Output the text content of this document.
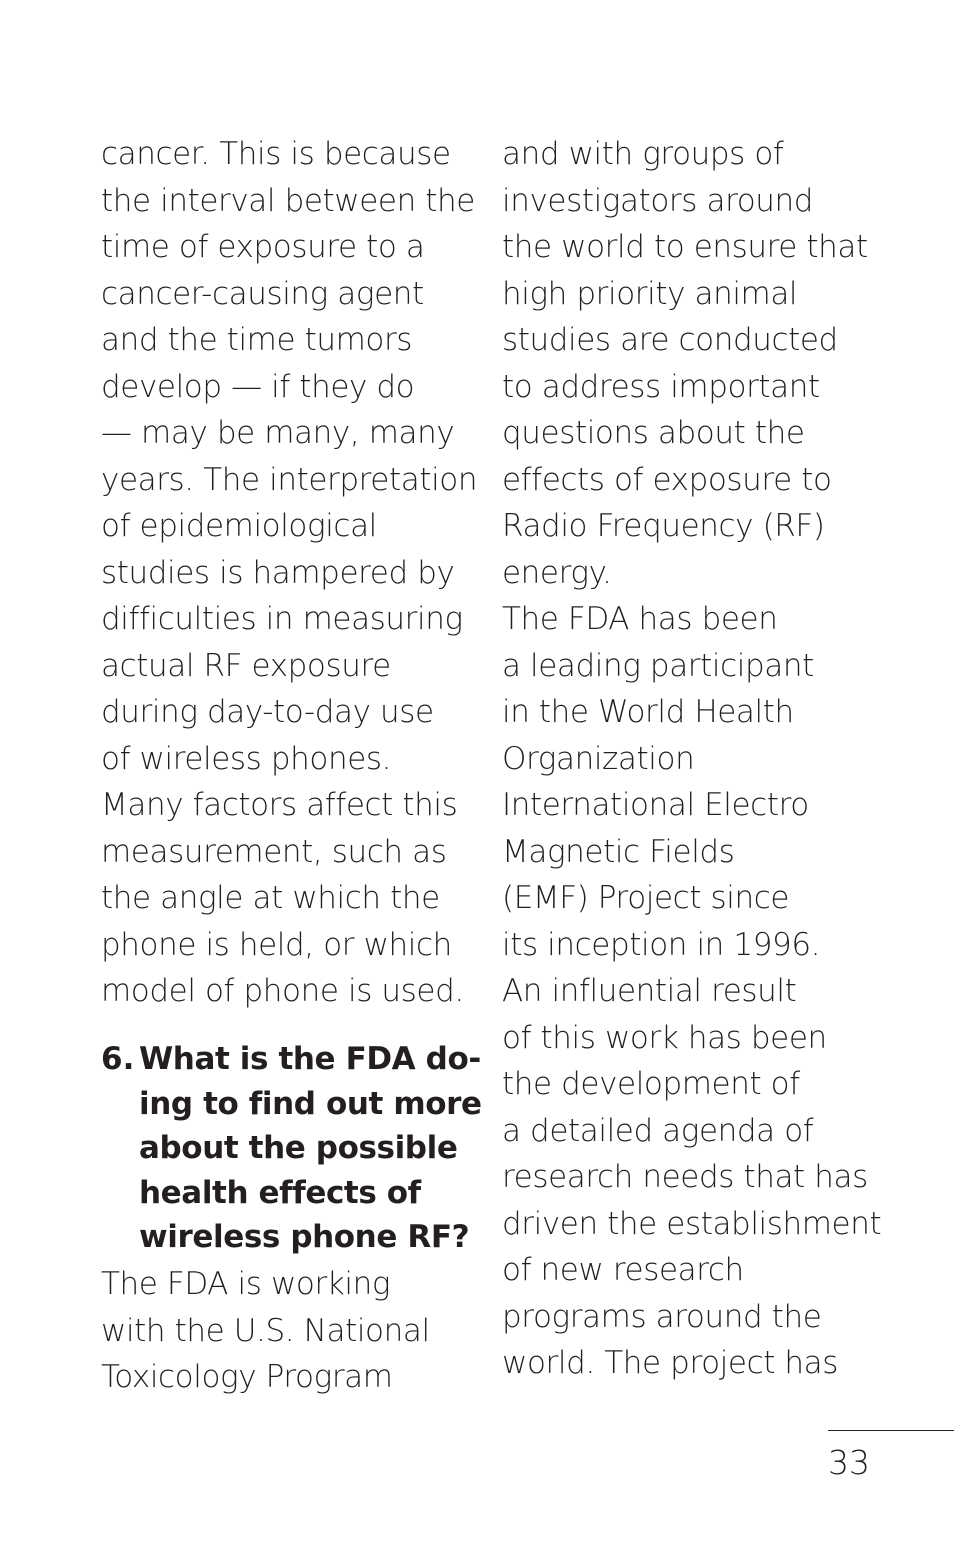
cancer. This is because
the interval between the
time of exposure to a
cancer-causing agent
and the time tumors
develop — if they do
— may be many, many
years. The interpretation
of epidemiological
studies is hampered by
difficulties in measuring
actual RF exposure
during day-to-day use
of wireless phones.
Many factors affect this
measurement, such as
the angle at which the
phone is held, or which
model of phone is used.
6. What is the FDA do-
ing to find out more
about the possible
health effects of
wireless phone RF?
The FDA is working
with the U.S. National
Toxicology Program
and with groups of
investigators around
the world to ensure that
high priority animal
studies are conducted
to address important
questions about the
effects of exposure to
Radio Frequency (RF)
energy.
The FDA has been
a leading participant
in the World Health
Organization
International Electro
Magnetic Fields
(EMF) Project since
its inception in 1996.
An influential result
of this work has been
the development of
a detailed agenda of
research needs that has
driven the establishment
of new research
programs around the
world. The project has
33
